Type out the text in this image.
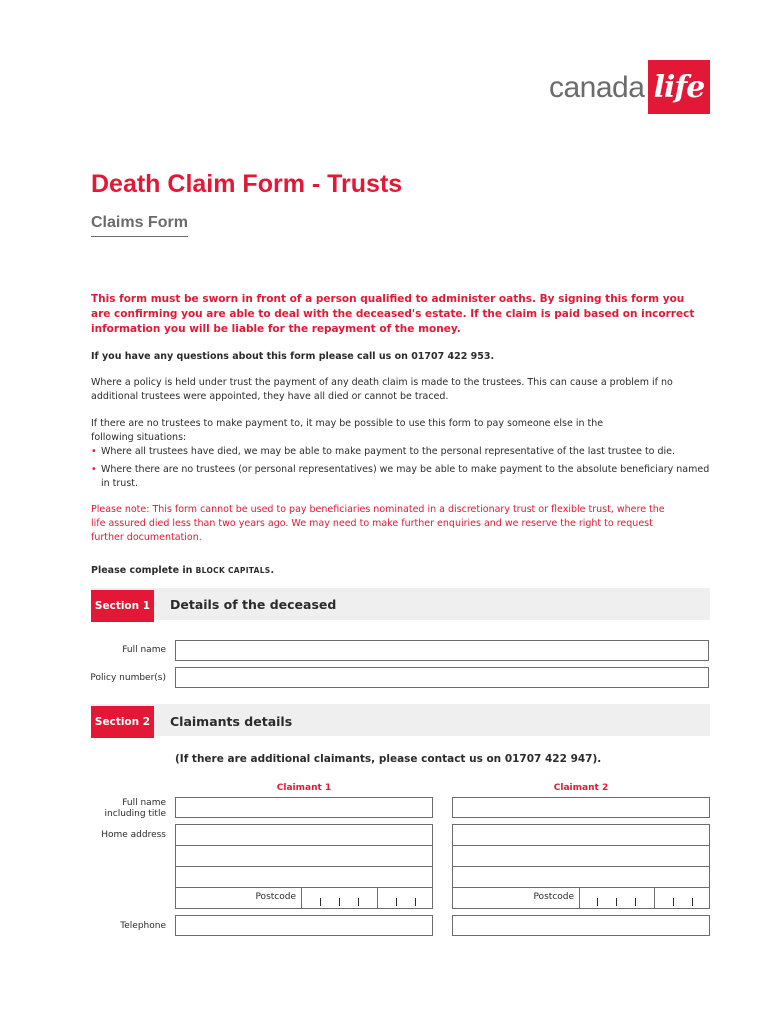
canada life
Death Claim Form - Trusts
Claims Form
This form must be sworn in front of a person qualified to administer oaths. By signing this form you
are confirming you are able to deal with the deceased's estate. If the claim is paid based on incorrect
information you will be liable for the repayment of the money.
If you have any questions about this form please call us on 01707 422 953.
Where a policy is held under trust the payment of any death claim is made to the trustees. This can cause a problem if no
additional trustees were appointed, they have all died or cannot be traced.
If there are no trustees to make payment to, it may be possible to use this form to pay someone else in the
following situations:
• Where all trustees have died, we may be able to make payment to the personal representative of the last trustee to die.
• Where there are no trustees (or personal representatives) we may be able to make payment to the absolute beneficiary named in trust.
Please note: This form cannot be used to pay beneficiaries nominated in a discretionary trust or flexible trust, where the
life assured died less than two years ago. We may need to make further enquiries and we reserve the right to request
further documentation.
Please complete in BLOCK CAPITALS.
Section 1	Details of the deceased
Full name
Policy number(s)
Section 2	Claimants details
(If there are additional claimants, please contact us on 01707 422 947).
Claimant 1	Claimant 2
Full name
including title
Home address
Postcode	Postcode
Telephone
